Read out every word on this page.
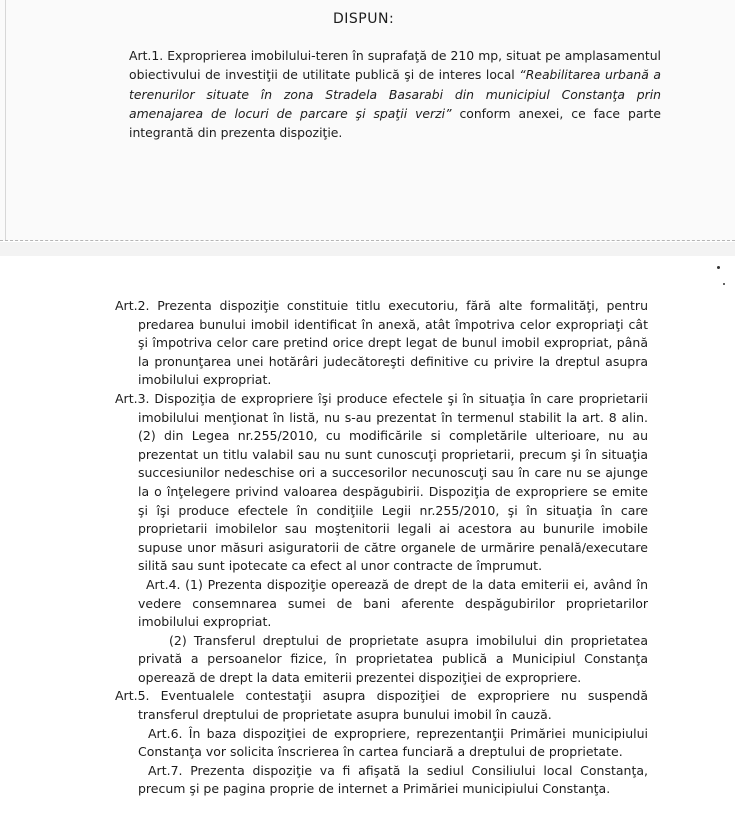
DISPUN:
Art.1. Exproprierea imobilului-teren în suprafaţă de 210 mp, situat pe amplasamentul obiectivului de investiţii de utilitate publică şi de interes local “Reabilitarea urbană a terenurilor situate în zona Stradela Basarabi din municipiul Constanţa prin amenajarea de locuri de parcare şi spaţii verzi” conform anexei, ce face parte integrantă din prezenta dispoziţie.

Art.2. Prezenta dispoziţie constituie titlu executoriu, fără alte formalităţi, pentru predarea bunului imobil identificat în anexă, atât împotriva celor expropriaţi cât şi împotriva celor care pretind orice drept legat de bunul imobil expropriat, până la pronunţarea unei hotărâri judecătoreşti definitive cu privire la dreptul asupra imobilului expropriat.

Art.3. Dispoziţia de expropriere îşi produce efectele şi în situaţia în care proprietarii imobilului menţionat în listă, nu s-au prezentat în termenul stabilit la art. 8 alin.(2) din Legea nr.255/2010, cu modificările si completările ulterioare, nu au prezentat un titlu valabil sau nu sunt cunoscuţi proprietarii, precum şi în situaţia succesiunilor nedeschise ori a succesorilor necunoscuţi sau în care nu se ajunge la o înţelegere privind valoarea despăgubirii. Dispoziţia de expropriere se emite şi îşi produce efectele în condiţiile Legii nr.255/2010, şi în situaţia în care proprietarii imobilelor sau moştenitorii legali ai acestora au bunurile imobile supuse unor măsuri asiguratorii de către organele de urmărire penală/executare silită sau sunt ipotecate ca efect al unor contracte de împrumut.

Art.4. (1) Prezenta dispoziţie operează de drept de la data emiterii ei, având în vedere consemnarea sumei de bani aferente despăgubirilor proprietarilor imobilului expropriat.

(2) Transferul dreptului de proprietate asupra imobilului din proprietatea privată a persoanelor fizice, în proprietatea publică a Municipiul Constanţa operează de drept la data emiterii prezentei dispoziţiei de expropriere.

Art.5. Eventualele contestaţii asupra dispoziţiei de expropriere nu suspendă transferul dreptului de proprietate asupra bunului imobil în cauză.

Art.6. În baza dispoziţiei de expropriere, reprezentanţii Primăriei municipiului Constanţa vor solicita înscrierea în cartea funciară a dreptului de proprietate.

Art.7. Prezenta dispoziţie va fi afişată la sediul Consiliului local Constanţa, precum şi pe pagina proprie de internet a Primăriei municipiului Constanţa.
